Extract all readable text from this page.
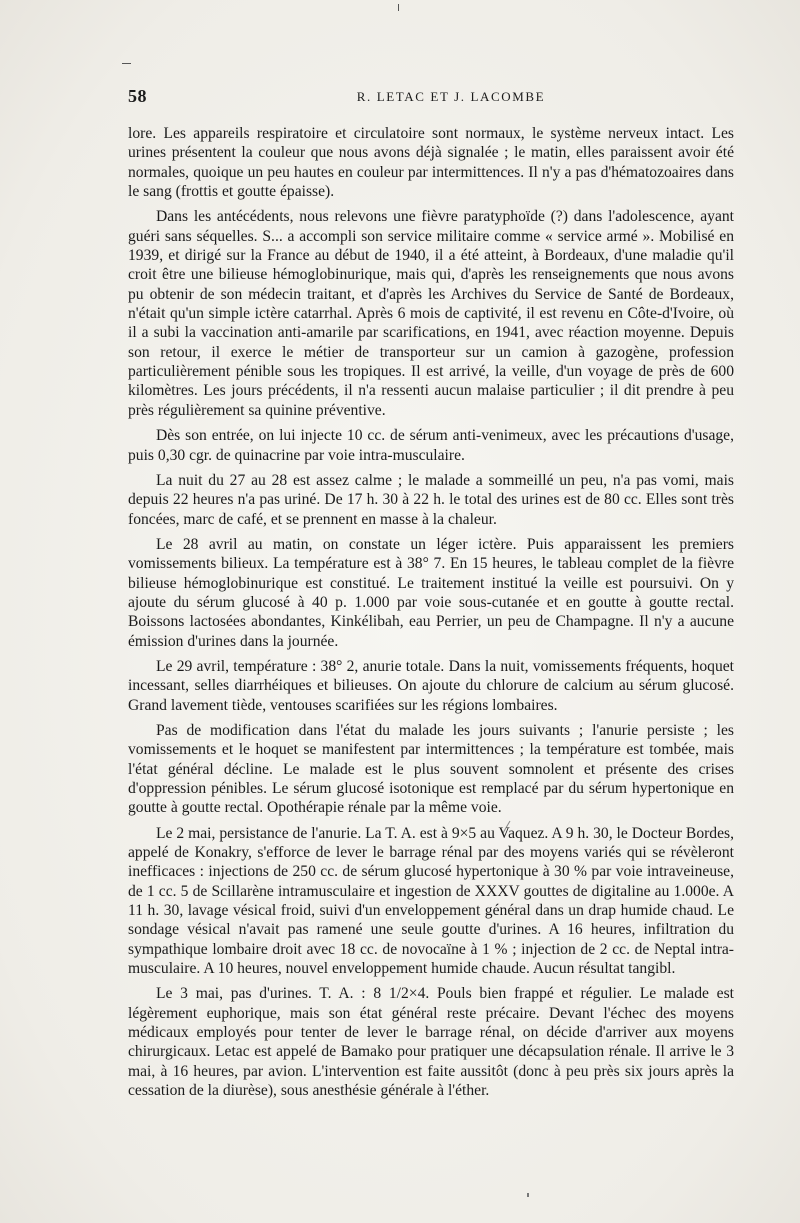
58	R. LETAC ET J. LACOMBE

lore. Les appareils respiratoire et circulatoire sont normaux, le système nerveux intact. Les urines présentent la couleur que nous avons déjà signalée ; le matin, elles paraissent avoir été normales, quoique un peu hautes en couleur par intermittences. Il n'y a pas d'hématozoaires dans le sang (frottis et goutte épaisse).

Dans les antécédents, nous relevons une fièvre paratyphoïde (?) dans l'adolescence, ayant guéri sans séquelles. S... a accompli son service militaire comme « service armé ». Mobilisé en 1939, et dirigé sur la France au début de 1940, il a été atteint, à Bordeaux, d'une maladie qu'il croit être une bilieuse hémoglobinurique, mais qui, d'après les renseignements que nous avons pu obtenir de son médecin traitant, et d'après les Archives du Service de Santé de Bordeaux, n'était qu'un simple ictère catarrhal. Après 6 mois de captivité, il est revenu en Côte-d'Ivoire, où il a subi la vaccination anti-amarile par scarifications, en 1941, avec réaction moyenne. Depuis son retour, il exerce le métier de transporteur sur un camion à gazogène, profession particulièrement pénible sous les tropiques. Il est arrivé, la veille, d'un voyage de près de 600 kilomètres. Les jours précédents, il n'a ressenti aucun malaise particulier ; il dit prendre à peu près régulièrement sa quinine préventive.

Dès son entrée, on lui injecte 10 cc. de sérum anti-venimeux, avec les précautions d'usage, puis 0,30 cgr. de quinacrine par voie intra-musculaire.

La nuit du 27 au 28 est assez calme ; le malade a sommeillé un peu, n'a pas vomi, mais depuis 22 heures n'a pas uriné. De 17 h. 30 à 22 h. le total des urines est de 80 cc. Elles sont très foncées, marc de café, et se prennent en masse à la chaleur.

Le 28 avril au matin, on constate un léger ictère. Puis apparaissent les premiers vomissements bilieux. La température est à 38° 7. En 15 heures, le tableau complet de la fièvre bilieuse hémoglobinurique est constitué. Le traitement institué la veille est poursuivi. On y ajoute du sérum glucosé à 40 p. 1.000 par voie sous-cutanée et en goutte à goutte rectal. Boissons lactosées abondantes, Kinkélibah, eau Perrier, un peu de Champagne. Il n'y a aucune émission d'urines dans la journée.

Le 29 avril, température : 38° 2, anurie totale. Dans la nuit, vomissements fréquents, hoquet incessant, selles diarrhéiques et bilieuses. On ajoute du chlorure de calcium au sérum glucosé. Grand lavement tiède, ventouses scarifiées sur les régions lombaires.

Pas de modification dans l'état du malade les jours suivants ; l'anurie persiste ; les vomissements et le hoquet se manifestent par intermittences ; la température est tombée, mais l'état général décline. Le malade est le plus souvent somnolent et présente des crises d'oppression pénibles. Le sérum glucosé isotonique est remplacé par du sérum hypertonique en goutte à goutte rectal. Opothérapie rénale par la même voie.

Le 2 mai, persistance de l'anurie. La T. A. est à 9×5 au Vaquez. A 9 h. 30, le Docteur Bordes, appelé de Konakry, s'efforce de lever le barrage rénal par des moyens variés qui se révèleront inefficaces : injections de 250 cc. de sérum glucosé hypertonique à 30 % par voie intraveineuse, de 1 cc. 5 de Scillarène intramusculaire et ingestion de XXXV gouttes de digitaline au 1.000e. A 11 h. 30, lavage vésical froid, suivi d'un enveloppement général dans un drap humide chaud. Le sondage vésical n'avait pas ramené une seule goutte d'urines. A 16 heures, infiltration du sympathique lombaire droit avec 18 cc. de novocaïne à 1 % ; injection de 2 cc. de Neptal intra-musculaire. A 10 heures, nouvel enveloppement humide chaude. Aucun résultat tangibl.

Le 3 mai, pas d'urines. T. A. : 8 1/2×4. Pouls bien frappé et régulier. Le malade est légèrement euphorique, mais son état général reste précaire. Devant l'échec des moyens médicaux employés pour tenter de lever le barrage rénal, on décide d'arriver aux moyens chirurgicaux. Letac est appelé de Bamako pour pratiquer une décapsulation rénale. Il arrive le 3 mai, à 16 heures, par avion. L'intervention est faite aussitôt (donc à peu près six jours après la cessation de la diurèse), sous anesthésie générale à l'éther.
